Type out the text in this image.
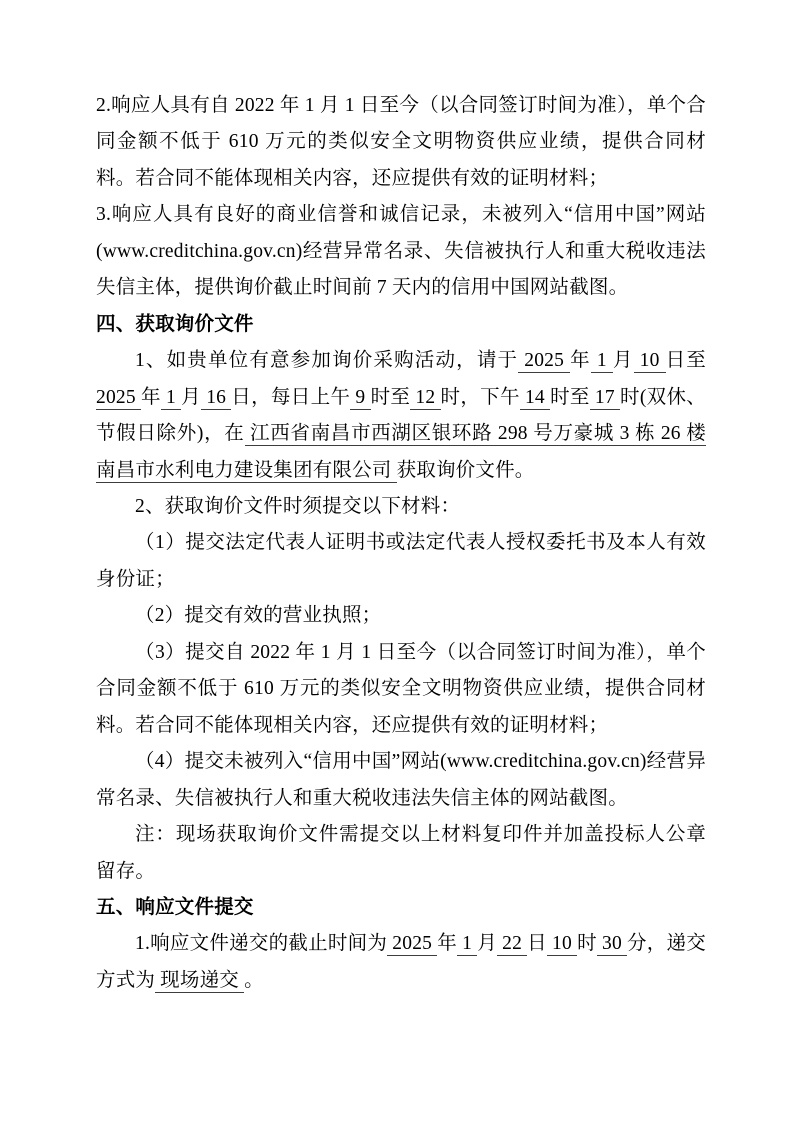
2.响应人具有自 2022 年 1 月 1 日至今（以合同签订时间为准），单个合同金额不低于 610 万元的类似安全文明物资供应业绩，提供合同材料。若合同不能体现相关内容，还应提供有效的证明材料；

3.响应人具有良好的商业信誉和诚信记录，未被列入“信用中国”网站(www.creditchina.gov.cn)经营异常名录、失信被执行人和重大税收违法失信主体，提供询价截止时间前 7 天内的信用中国网站截图。

四、获取询价文件

1、如贵单位有意参加询价采购活动，请于 2025 年 1 月 10 日至 2025 年 1 月 16 日，每日上午 9 时至 12 时，下午 14 时至 17 时(双休、节假日除外)，在 江西省南昌市西湖区银环路 298 号万豪城 3 栋 26 楼南昌市水利电力建设集团有限公司 获取询价文件。

2、获取询价文件时须提交以下材料：

（1）提交法定代表人证明书或法定代表人授权委托书及本人有效身份证；

（2）提交有效的营业执照；

（3）提交自 2022 年 1 月 1 日至今（以合同签订时间为准），单个合同金额不低于 610 万元的类似安全文明物资供应业绩，提供合同材料。若合同不能体现相关内容，还应提供有效的证明材料；

（4）提交未被列入“信用中国”网站(www.creditchina.gov.cn)经营异常名录、失信被执行人和重大税收违法失信主体的网站截图。

注：现场获取询价文件需提交以上材料复印件并加盖投标人公章留存。

五、响应文件提交

1.响应文件递交的截止时间为 2025 年 1 月 22 日 10 时 30 分，递交方式为 现场递交 。
